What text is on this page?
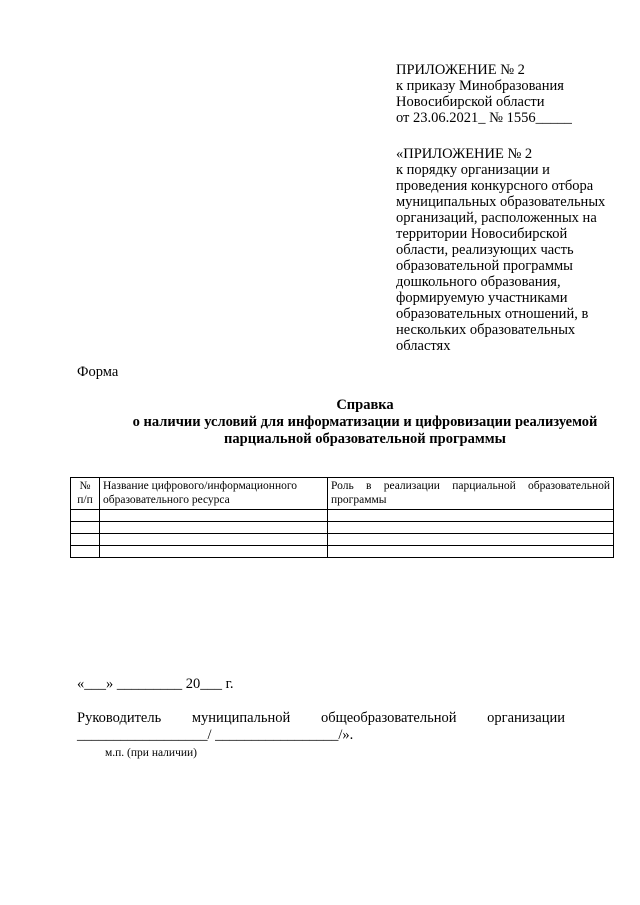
ПРИЛОЖЕНИЕ № 2
к приказу Минобразования
Новосибирской области
от 23.06.2021_ № 1556_____
«ПРИЛОЖЕНИЕ № 2
к порядку организации и
проведения конкурсного отбора
муниципальных образовательных
организаций, расположенных на
территории Новосибирской
области, реализующих часть
образовательной программы
дошкольного образования,
формируемую участниками
образовательных отношений, в
нескольких образовательных
областях
Форма
Справка
о наличии условий для информатизации и цифровизации реализуемой
парциальной образовательной программы
№ п/п	Название цифрового/информационного образовательного ресурса	Роль в реализации парциальной образовательной программы

«___» _________ 20___ г.
Руководитель муниципальной общеобразовательной организации
__________________/ _________________/».
м.п. (при наличии)
